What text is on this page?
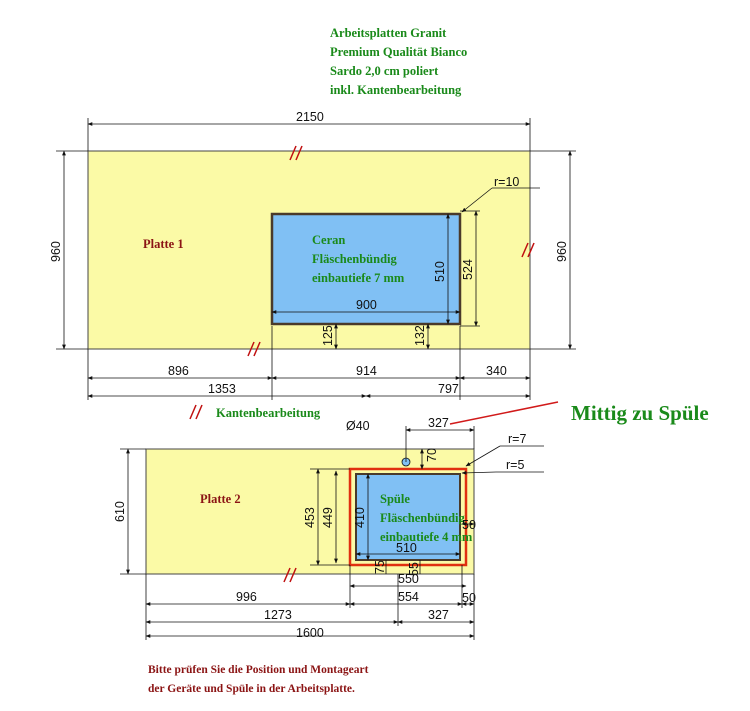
Arbeitsplatten Granit
Premium Qualität Bianco
Sardo 2,0 cm poliert
inkl. Kantenbearbeitung
Platte 1	Ceran
Fläschenbündig
einbautiefe 7 mm
2150
960	960
r=10
510 524
900
125	132
896	914	340
1353	797
Kantenbearbeitung	Mittig zu Spüle
Platte 2	Spüle
Fläschenbündig
einbautiefe 4 mm
610
Ø40	327
70
r=7
r=5
453 449 410
510
50
75 55
550
996	554	50
1273	327
1600
Bitte prüfen Sie die Position und Montageart
der Geräte und Spüle in der Arbeitsplatte.
